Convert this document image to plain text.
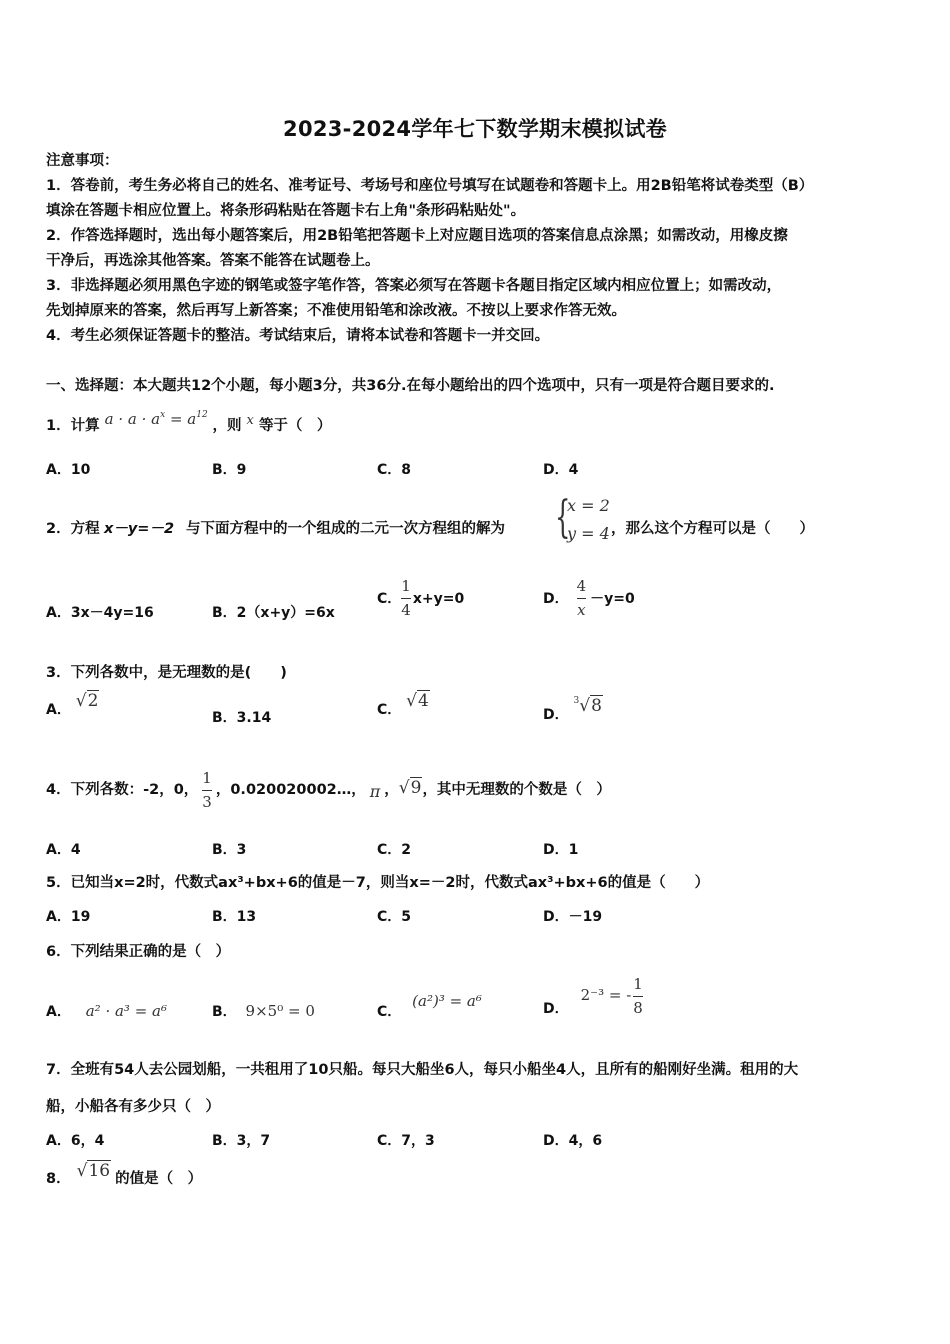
2023-2024学年七下数学期末模拟试卷
注意事项：
1．答卷前，考生务必将自己的姓名、准考证号、考场号和座位号填写在试题卷和答题卡上。用2B铅笔将试卷类型（B）
填涂在答题卡相应位置上。将条形码粘贴在答题卡右上角"条形码粘贴处"。
2．作答选择题时，选出每小题答案后，用2B铅笔把答题卡上对应题目选项的答案信息点涂黑；如需改动，用橡皮擦
干净后，再选涂其他答案。答案不能答在试题卷上。
3．非选择题必须用黑色字迹的钢笔或签字笔作答，答案必须写在答题卡各题目指定区域内相应位置上；如需改动，
先划掉原来的答案，然后再写上新答案；不准使用铅笔和涂改液。不按以上要求作答无效。
4．考生必须保证答题卡的整洁。考试结束后，请将本试卷和答题卡一并交回。
一、选择题：本大题共12个小题，每小题3分，共36分.在每小题给出的四个选项中，只有一项是符合题目要求的.
1．计算 $a \cdot a \cdot a^x = a^{12}$ ，则 x 等于（　）
A．10	B．9	C．8	D．4
2．方程 x－y=－2 与下面方程中的一个组成的二元一次方程组的解为 {
x = 2
y = 4 ，那么这个方程可以是（　　）
A．3x－4y=16	B．2（x+y）=6x
C． $\frac{1}{4} x+y=0$	D． $\frac{4}{x} -y=0$
3．下列各数中，是无理数的是(　　)
A． √2
B．3.14	C． √4
D． $^3$√8
4．下列各数：-2，0， $\frac{1}{3}$ ，0.020020002…， π ， √9 ，其中无理数的个数是（　）
A．4	B．3	C．2	D．1
5．已知当x=2时，代数式ax³+bx+6的值是－7，则当x=－2时，代数式ax³+bx+6的值是（　　）
A．19	B．13	C．5	D．－19
6．下列结果正确的是（　）
A． a² · a³ = a⁶	B． 9×5⁰ = 0	C． (a²)³ = a⁶	D．
2⁻³ = - $\frac{1}{8}$
7．全班有54人去公园划船，一共租用了10只船。每只大船坐6人，每只小船坐4人，且所有的船刚好坐满。租用的大
船，小船各有多少只（　）
A．6，4	B．3，7	C．7，3	D．4，6
8． √16 的值是（　）
